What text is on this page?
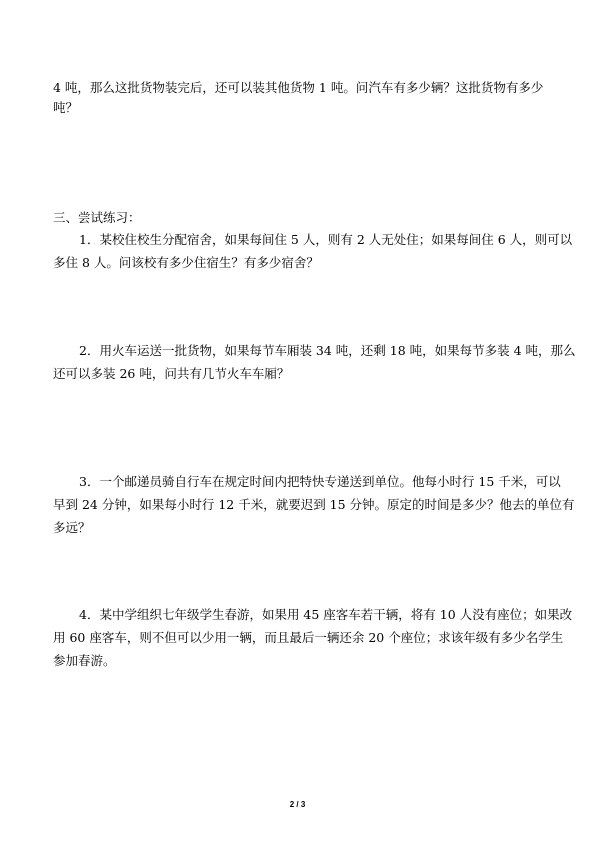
4 吨，那么这批货物装完后，还可以装其他货物 1 吨。问汽车有多少辆？这批货物有多少

吨？

三、尝试练习：

1．某校住校生分配宿舍，如果每间住 5 人，则有 2 人无处住；如果每间住 6 人，则可以

多住 8 人。问该校有多少住宿生？有多少宿舍？

2．用火车运送一批货物，如果每节车厢装 34 吨，还剩 18 吨，如果每节多装 4 吨，那么

还可以多装 26 吨，问共有几节火车车厢？

3．一个邮递员骑自行车在规定时间内把特快专递送到单位。他每小时行 15 千米，可以

早到 24 分钟，如果每小时行 12 千米，就要迟到 15 分钟。原定的时间是多少？他去的单位有

多远？

4．某中学组织七年级学生春游，如果用 45 座客车若干辆，将有 10 人没有座位；如果改

用 60 座客车，则不但可以少用一辆，而且最后一辆还余 20 个座位；求该年级有多少名学生

参加春游。

2 / 3
